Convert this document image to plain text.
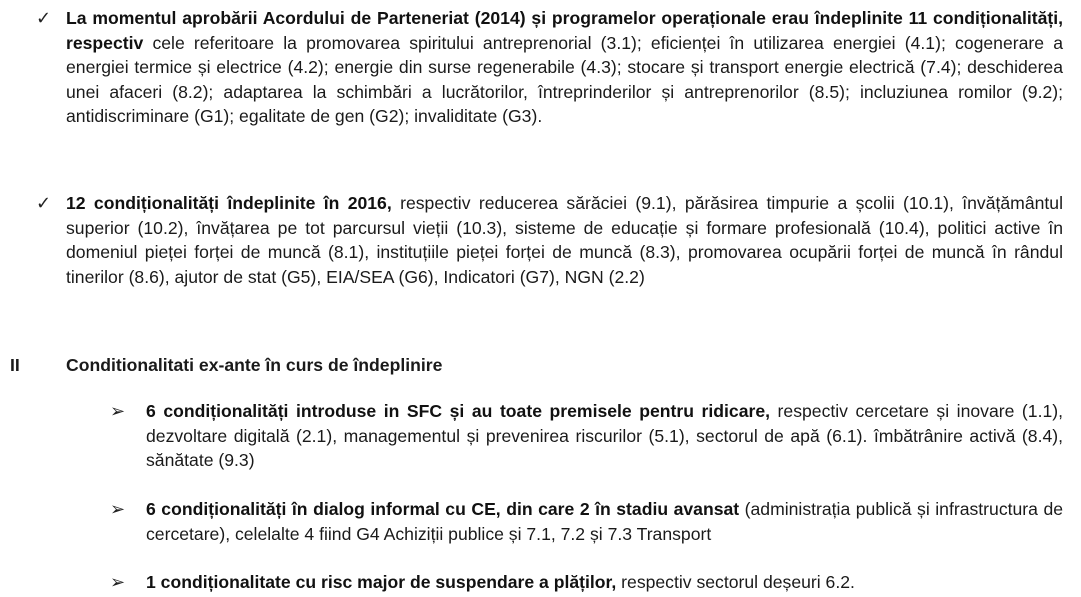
✓ La momentul aprobării Acordului de Parteneriat (2014) și programelor operaționale erau îndeplinite 11 condiționalități, respectiv cele referitoare la promovarea spiritului antreprenorial (3.1); eficienței în utilizarea energiei (4.1); cogenerare a energiei termice și electrice (4.2); energie din surse regenerabile (4.3); stocare și transport energie electrică (7.4); deschiderea unei afaceri (8.2); adaptarea la schimbări a lucrătorilor, întreprinderilor și antreprenorilor (8.5); incluziunea romilor (9.2); antidiscriminare (G1); egalitate de gen (G2); invaliditate (G3).
✓ 12 condiționalități îndeplinite în 2016, respectiv reducerea sărăciei (9.1), părăsirea timpurie a școlii (10.1), învățământul superior (10.2), învățarea pe tot parcursul vieții (10.3), sisteme de educație și formare profesională (10.4), politici active în domeniul pieței forței de muncă (8.1), instituțiile pieței forței de muncă (8.3), promovarea ocupării forței de muncă în rândul tinerilor (8.6), ajutor de stat (G5), EIA/SEA (G6), Indicatori (G7), NGN (2.2)
II	Conditionalitati ex-ante în curs de îndeplinire
➢ 6 condiționalități introduse in SFC și au toate premisele pentru ridicare, respectiv cercetare și inovare (1.1), dezvoltare digitală (2.1), managementul și prevenirea riscurilor (5.1), sectorul de apă (6.1). îmbătrânire activă (8.4), sănătate (9.3)
➢ 6 condiționalități în dialog informal cu CE, din care 2 în stadiu avansat (administrația publică și infrastructura de cercetare), celelalte 4 fiind G4 Achiziții publice și 7.1, 7.2 și 7.3 Transport
➢ 1 condiționalitate cu risc major de suspendare a plăților, respectiv sectorul deșeuri 6.2.
